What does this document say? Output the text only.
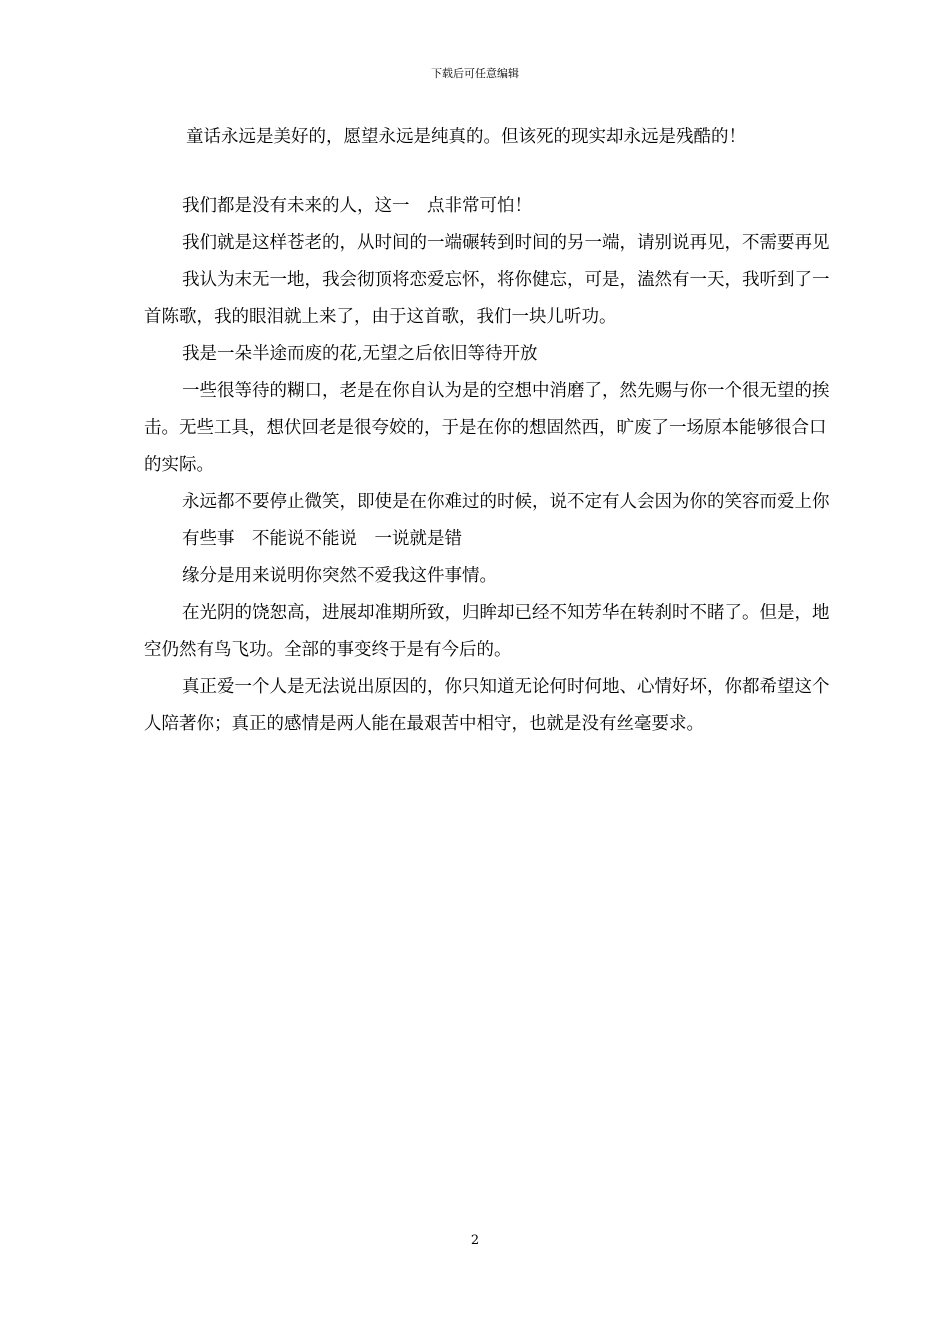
下载后可任意编辑

童话永远是美好的，愿望永远是纯真的。但该死的现实却永远是残酷的！

我们都是没有未来的人，这一　点非常可怕！

我们就是这样苍老的，从时间的一端碾转到时间的另一端，请别说再见，不需要再见

我认为末无一地，我会彻顶将恋爱忘怀，将你健忘，可是，溘然有一天，我听到了一首陈歌，我的眼泪就上来了，由于这首歌，我们一块儿听功。

我是一朵半途而废的花,无望之后依旧等待开放

一些很等待的糊口，老是在你自认为是的空想中消磨了，然先赐与你一个很无望的挨击。无些工具，想伏回老是很夸姣的，于是在你的想固然西，旷废了一场原本能够很合口的实际。

永远都不要停止微笑，即使是在你难过的时候，说不定有人会因为你的笑容而爱上你

有些事　不能说不能说　一说就是错

缘分是用来说明你突然不爱我这件事情。

在光阴的饶恕高，进展却准期所致，归眸却已经不知芳华在转刹时不睹了。但是，地空仍然有鸟飞功。全部的事变终于是有今后的。

真正爱一个人是无法说出原因的，你只知道无论何时何地、心情好坏，你都希望这个人陪著你；真正的感情是两人能在最艰苦中相守，也就是没有丝毫要求。

2
